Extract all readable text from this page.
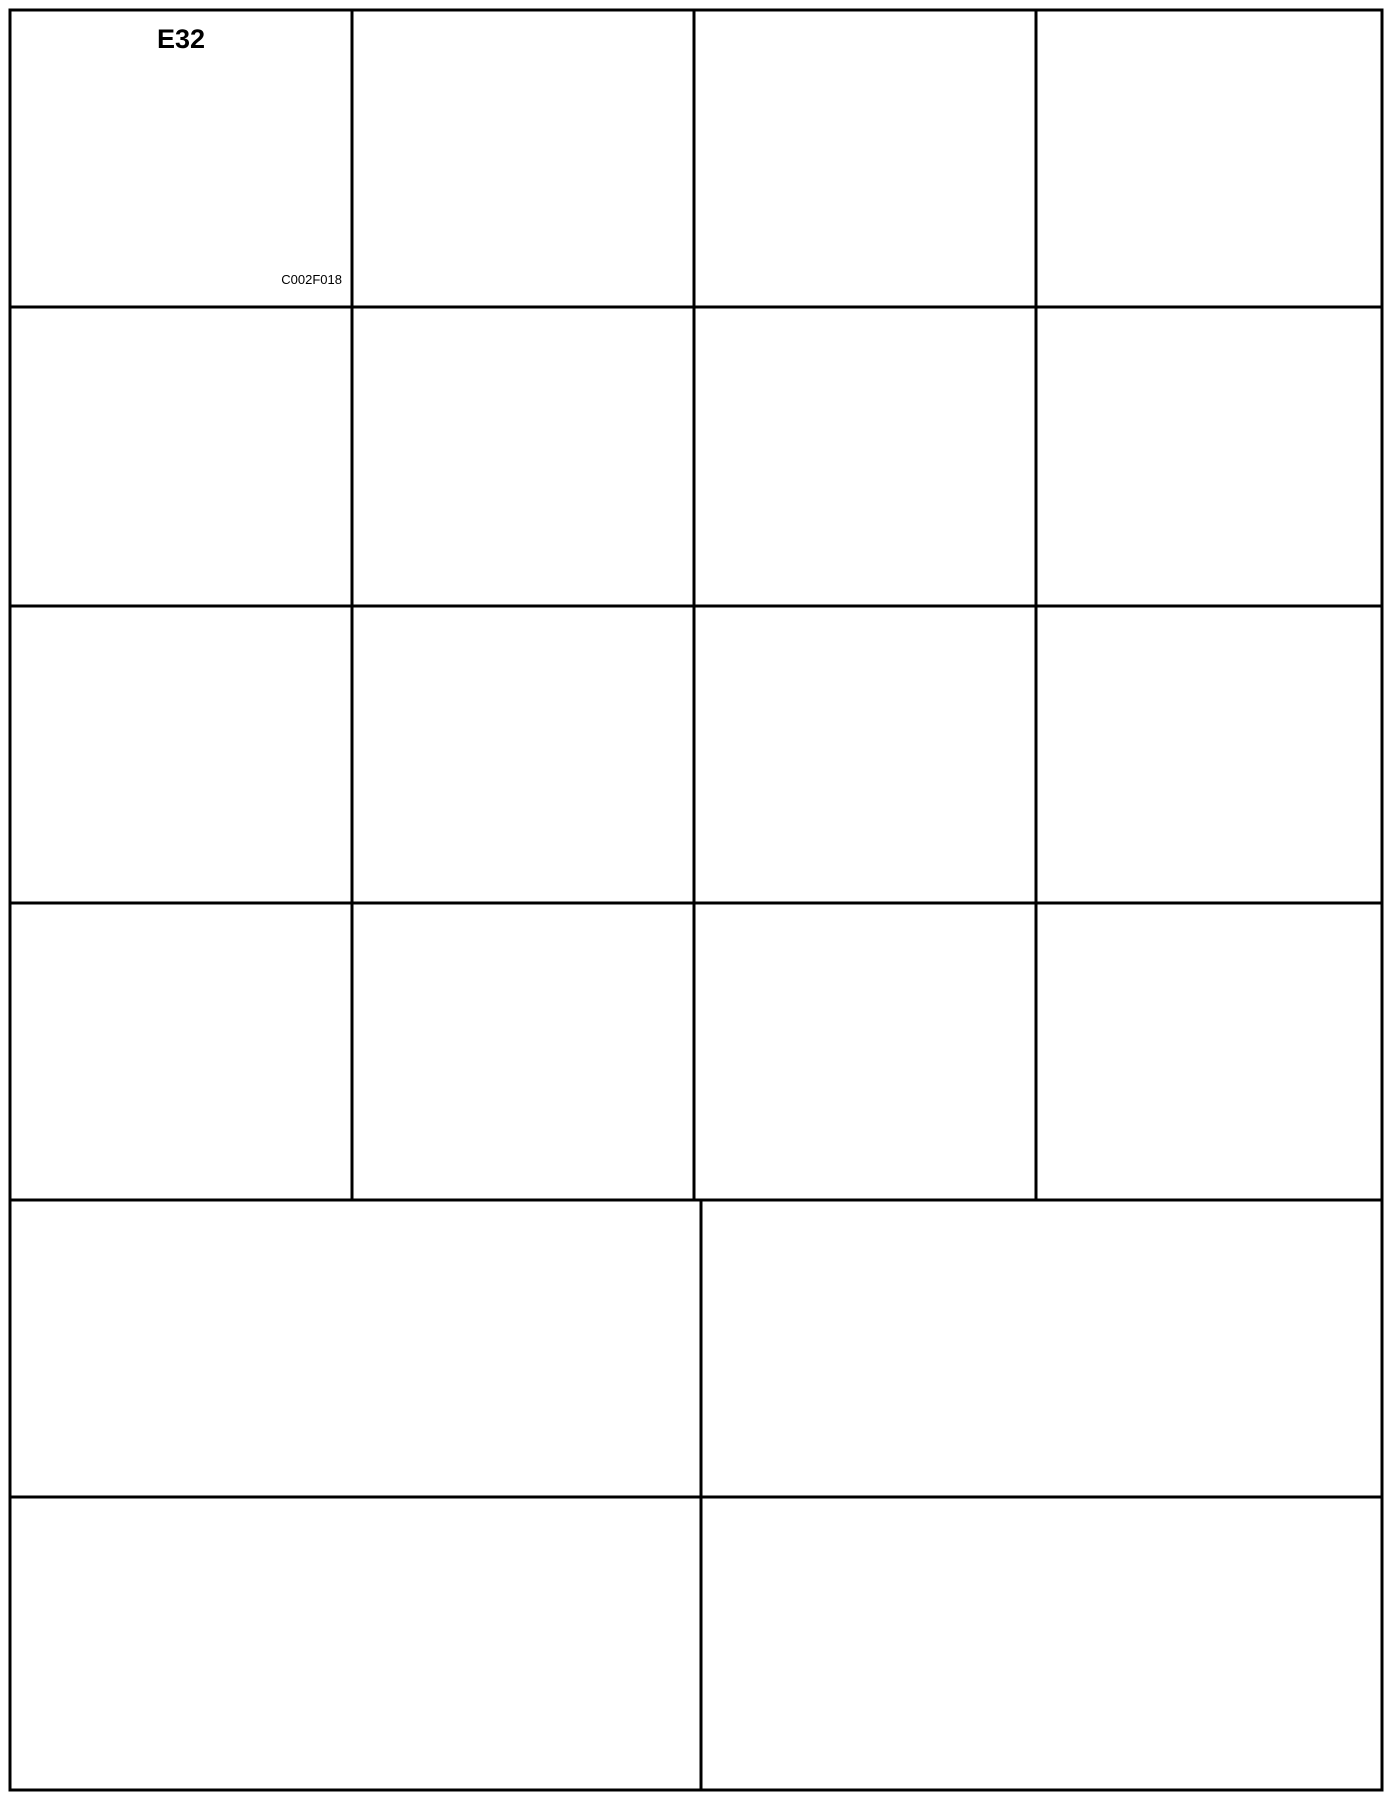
E32
C002F018
